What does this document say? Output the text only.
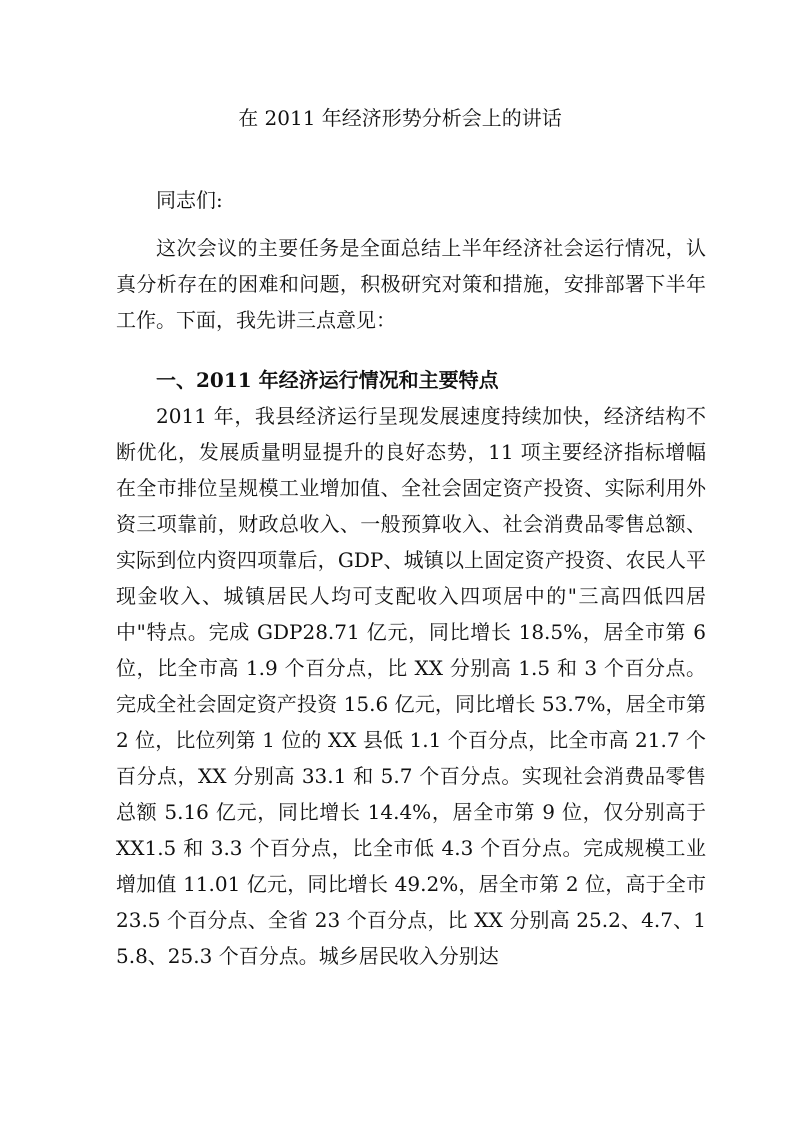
在 2011 年经济形势分析会上的讲话
同志们:
这次会议的主要任务是全面总结上半年经济社会运行情况，认真分析存在的困难和问题，积极研究对策和措施，安排部署下半年工作。下面，我先讲三点意见：
一、2011 年经济运行情况和主要特点
2011 年，我县经济运行呈现发展速度持续加快，经济结构不断优化，发展质量明显提升的良好态势，11 项主要经济指标增幅在全市排位呈规模工业增加值、全社会固定资产投资、实际利用外资三项靠前，财政总收入、一般预算收入、社会消费品零售总额、实际到位内资四项靠后，GDP、城镇以上固定资产投资、农民人平现金收入、城镇居民人均可支配收入四项居中的"三高四低四居中"特点。完成 GDP28.71 亿元，同比增长 18.5%，居全市第 6 位，比全市高 1.9 个百分点，比 XX 分别高 1.5 和 3 个百分点。完成全社会固定资产投资 15.6 亿元，同比增长 53.7%，居全市第 2 位，比位列第 1 位的 XX 县低 1.1 个百分点，比全市高 21.7 个百分点，XX 分别高 33.1 和 5.7 个百分点。实现社会消费品零售总额 5.16 亿元，同比增长 14.4%，居全市第 9 位，仅分别高于 XX1.5 和 3.3 个百分点，比全市低 4.3 个百分点。完成规模工业增加值 11.01 亿元，同比增长 49.2%，居全市第 2 位，高于全市 23.5 个百分点、全省 23 个百分点，比 XX 分别高 25.2、4.7、15.8、25.3 个百分点。城乡居民收入分别达
